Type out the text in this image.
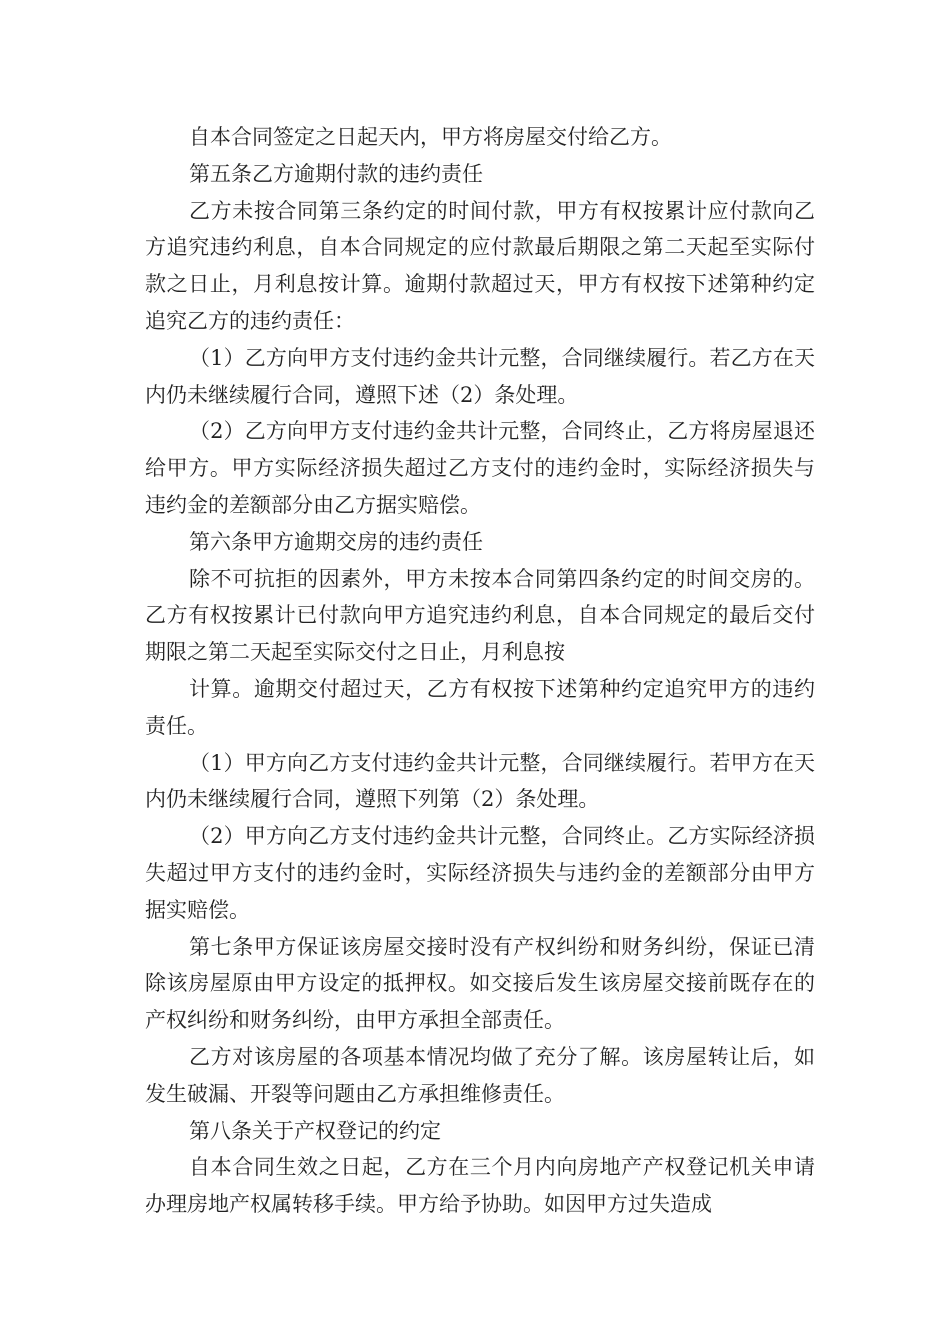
自本合同签定之日起天内，甲方将房屋交付给乙方。

第五条乙方逾期付款的违约责任

乙方未按合同第三条约定的时间付款，甲方有权按累计应付款向乙方追究违约利息，自本合同规定的应付款最后期限之第二天起至实际付款之日止，月利息按计算。逾期付款超过天，甲方有权按下述第种约定追究乙方的违约责任：

（1）乙方向甲方支付违约金共计元整，合同继续履行。若乙方在天内仍未继续履行合同，遵照下述（2）条处理。

（2）乙方向甲方支付违约金共计元整，合同终止，乙方将房屋退还给甲方。甲方实际经济损失超过乙方支付的违约金时，实际经济损失与违约金的差额部分由乙方据实赔偿。

第六条甲方逾期交房的违约责任

除不可抗拒的因素外，甲方未按本合同第四条约定的时间交房的。乙方有权按累计已付款向甲方追究违约利息，自本合同规定的最后交付期限之第二天起至实际交付之日止，月利息按

计算。逾期交付超过天，乙方有权按下述第种约定追究甲方的违约责任。

（1）甲方向乙方支付违约金共计元整，合同继续履行。若甲方在天内仍未继续履行合同，遵照下列第（2）条处理。

（2）甲方向乙方支付违约金共计元整，合同终止。乙方实际经济损失超过甲方支付的违约金时，实际经济损失与违约金的差额部分由甲方据实赔偿。

第七条甲方保证该房屋交接时没有产权纠纷和财务纠纷，保证已清除该房屋原由甲方设定的抵押权。如交接后发生该房屋交接前既存在的产权纠纷和财务纠纷，由甲方承担全部责任。

乙方对该房屋的各项基本情况均做了充分了解。该房屋转让后，如发生破漏、开裂等问题由乙方承担维修责任。

第八条关于产权登记的约定

自本合同生效之日起，乙方在三个月内向房地产产权登记机关申请办理房地产权属转移手续。甲方给予协助。如因甲方过失造成
